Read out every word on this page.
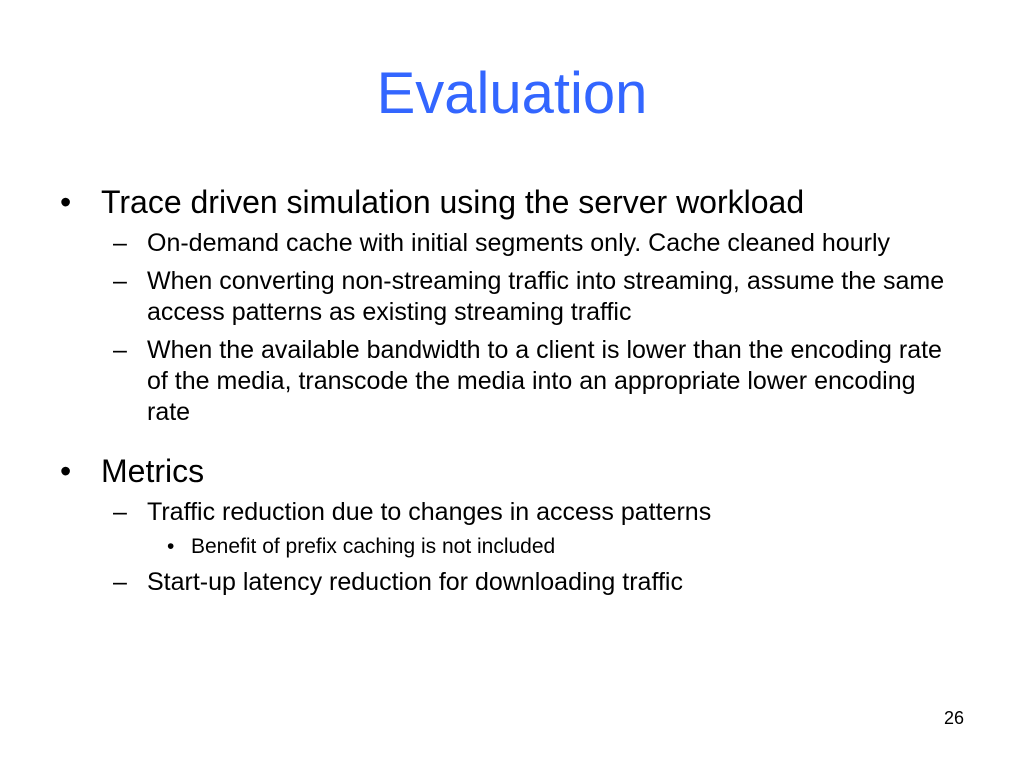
Evaluation
• Trace driven simulation using the server workload
– On-demand cache with initial segments only. Cache cleaned hourly
– When converting non-streaming traffic into streaming, assume the same access patterns as existing streaming traffic
– When the available bandwidth to a client is lower than the encoding rate of the media, transcode the media into an appropriate lower encoding rate
• Metrics
– Traffic reduction due to changes in access patterns
• Benefit of prefix caching is not included
– Start-up latency reduction for downloading traffic
26
